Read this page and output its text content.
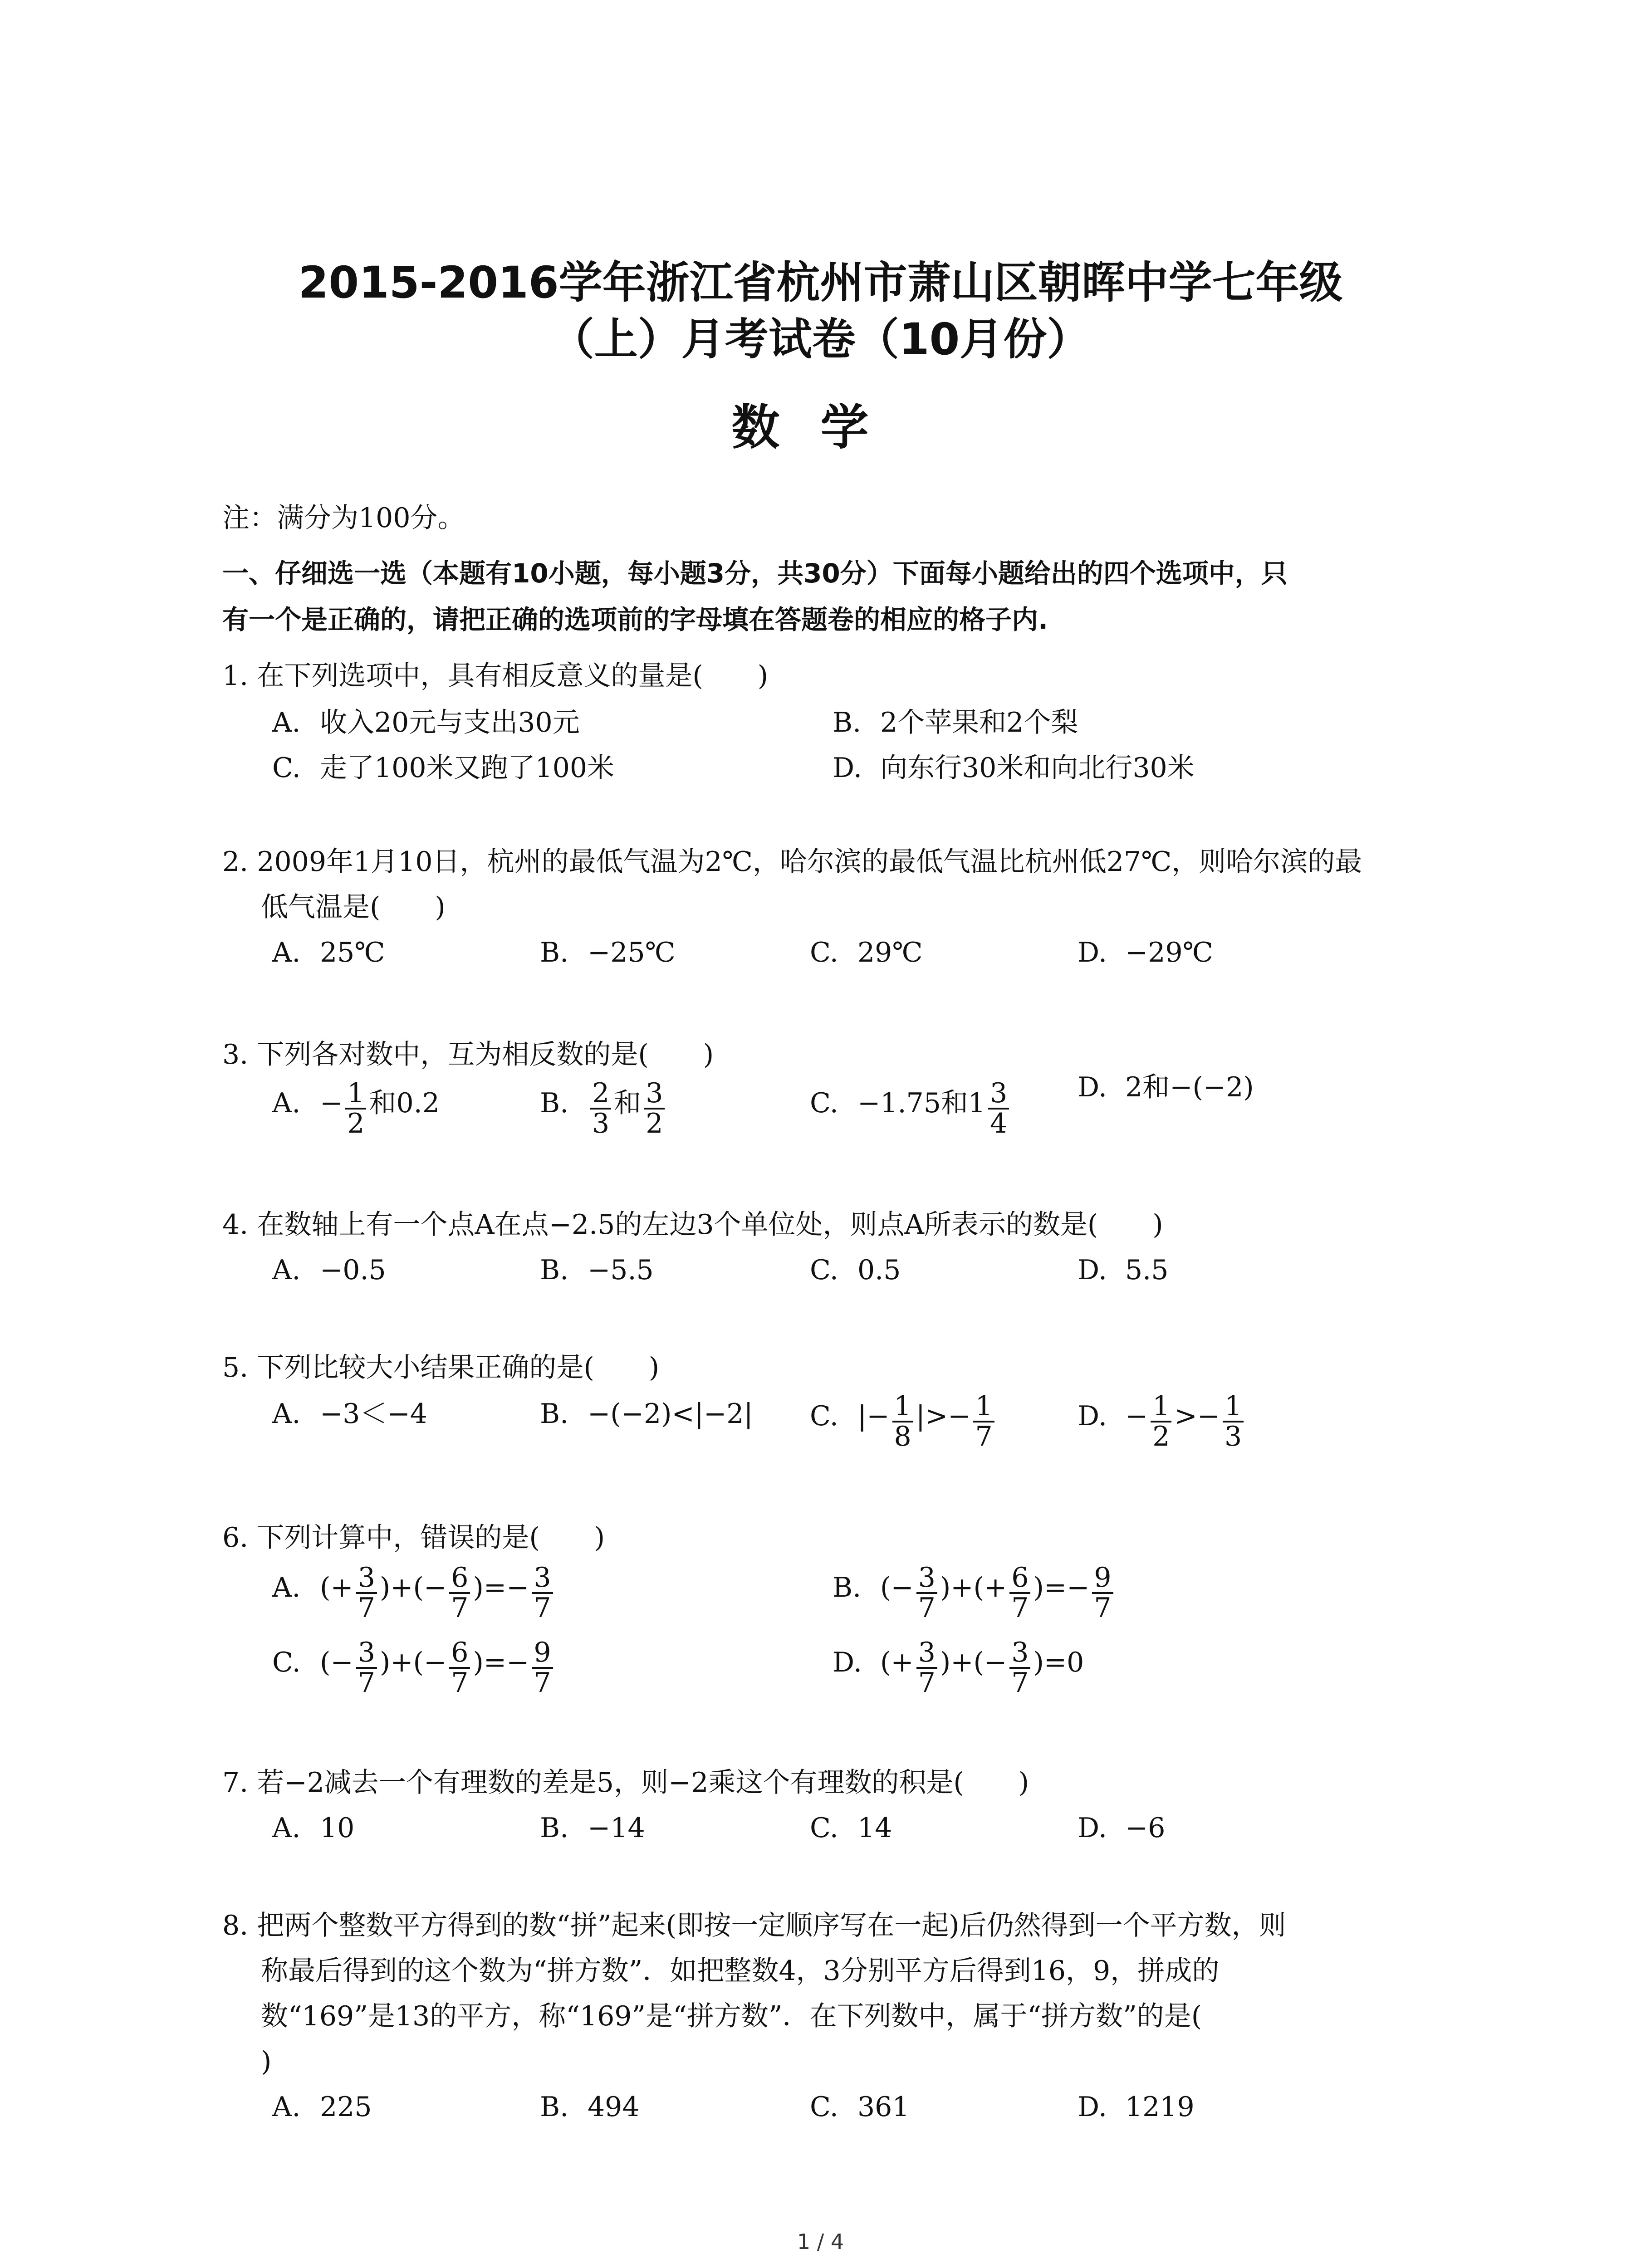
2015-2016学年浙江省杭州市萧山区朝晖中学七年级
（上）月考试卷（10月份）
数学
注：满分为100分。
一、仔细选一选（本题有10小题，每小题3分，共30分）下面每小题给出的四个选项中，只
有一个是正确的，请把正确的选项前的字母填在答题卷的相应的格子内.
1. 在下列选项中，具有相反意义的量是(　　)
A. 收入20元与支出30元	B. 2个苹果和2个梨
C. 走了100米又跑了100米	D. 向东行30米和向北行30米
2. 2009年1月10日，杭州的最低气温为2℃，哈尔滨的最低气温比杭州低27℃，则哈尔滨的最
低气温是(　　)
A. 25℃	B. −25℃	C. 29℃	D. −29℃
3. 下列各对数中，互为相反数的是(　　)
A. − $\frac{1}{2}$ 和0.2	B. $\frac{2}{3}$ 和 $\frac{3}{2}$	C. −1.75和$1 \frac{3}{4}$	D. 2和−(−2)
4. 在数轴上有一个点A在点−2.5的左边3个单位处，则点A所表示的数是(　　)
A. −0.5	B. −5.5	C. 0.5	D. 5.5
5. 下列比较大小结果正确的是(　　)
A. −3＜−4	B. −(−2)<|−2| C. |− $\frac{1}{8}$ |>− $\frac{1}{7}$	D. − $\frac{1}{2} >- \frac{1}{3}$
6. 下列计算中，错误的是(　　)
A. (+ $\frac{3}{7}$ )+(− $\frac{6}{7}$ )=− $\frac{3}{7}$	B. (− $\frac{3}{7}$ )+(+ $\frac{6}{7}$ )=− $\frac{9}{7}$
C. (− $\frac{3}{7}$ )+(− $\frac{6}{7}$ )=− $\frac{9}{7}$	D. (+ $\frac{3}{7}$ )+(− $\frac{3}{7} )=0$
7. 若−2减去一个有理数的差是5，则−2乘这个有理数的积是(　　)
A. 10	B. −14	C. 14	D. −6
8. 把两个整数平方得到的数“拼”起来(即按一定顺序写在一起)后仍然得到一个平方数，则
称最后得到的这个数为“拼方数”．如把整数4，3分别平方后得到16，9，拼成的
数“169”是13的平方，称“169”是“拼方数”．在下列数中，属于“拼方数”的是(
)
A. 225	B. 494	C. 361	D. 1219
1 / 4
